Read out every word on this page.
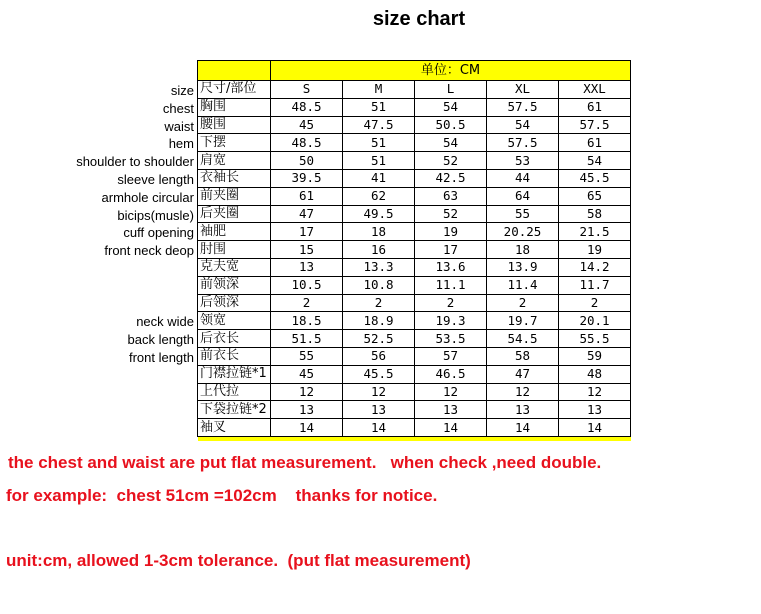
size chart
size
chest
waist
hem
shoulder to shoulder
sleeve length
armhole circular
bicips(musle)
cuff opening
front neck deop
neck wide
back length
front length
	单位：CM				
尺寸/部位	S	M	L	XL	XXL
胸围	48.5	51	54	57.5	61
腰围	45	47.5	50.5	54	57.5
下摆	48.5	51	54	57.5	61
肩宽	50	51	52	53	54
衣袖长	39.5	41	42.5	44	45.5
前夹圈	61	62	63	64	65
后夹圈	47	49.5	52	55	58
袖肥	17	18	19	20.25	21.5
肘围	15	16	17	18	19
克夫宽	13	13.3	13.6	13.9	14.2
前领深	10.5	10.8	11.1	11.4	11.7
后领深	2	2	2	2	2
领宽	18.5	18.9	19.3	19.7	20.1
后衣长	51.5	52.5	53.5	54.5	55.5
前衣长	55	56	57	58	59
门襟拉链*1	45	45.5	46.5	47	48
上代拉	12	12	12	12	12
下袋拉链*2	13	13	13	13	13
袖叉	14	14	14	14	14

the chest and waist are put flat measurement.   when check ,need double.
for example:  chest 51cm =102cm    thanks for notice.
unit:cm, allowed 1-3cm tolerance.  (put flat measurement)
